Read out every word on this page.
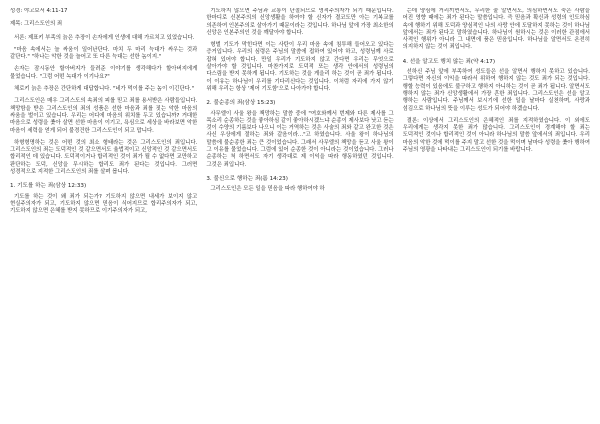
성경: 야고보서 4:11-17

제목: 그리스도인의 죄

서론: 제표키 부족의 늙은 추장이 손자에게 인생에 대해 가르치고 있었습니다.

"마음 속에서는 늘 싸움이 일어난단다. 마치 두 마리 늑대가 싸우는 것과 같단다." "하나는 악한 것을 늘어고 또 다른 늑대는 선한 놈이지."

손자는 잠시동안 할아버지가 들려준 이야기를 생각해다가 할아버지에게 물었습니다. "그럼 어떤 녹대가 이기나요?"

체로키 늙은 추장은 간단하게 대답합니다. "네가 먹이를 주는 놈이 이긴단다."

그리스도인은 매우 그리스도의 속죄의 피를 믿고 죄를 용서받은 사람들입니다. 책망함을 받은 그리스도인의 죄의 성품은 선한 마음과 죄를 짓는 악한 마음의 싸움을 벌이고 있습니다. 우리는 어디에 마음의 위치를 두고 있습니까? 거대한 마음으로 성령을 좇아 살면 선한 마음이 이기고, 욕심으로 세상을 바라보면 악한 마음이 세력을 얻게 되어 불경건한 그리스도인이 되고 맙니다.

하형형명하는 것은 어떤 것의 최소 형태라는 것은 그리스도인의 죄입니다. 그리스도인의 죄는 도덕적인 것 같으면서도 율법적이고 신앙적인 것 같으면서도 합리적인 데 있습니다. 도덕적이거나 합리적인 것이 죄가 될 수 없다면 교만하고 판단하는 도덕, 신앙을 무시하는 합리도 죄가 된다는 것입니다. 그러면 성경적으로 지적한 그리스도인의 죄를 살펴 봅니다.

1. 기도를 하는 죄(삼상 12:33)

기도를 하는 것이 왜 죄가 되는가? 기도하지 않으면 내세가 보이지 않고 현실주의자가 되고, 기도하지 않으면 믿음이 식어지므로 합리주의자가 되고, 기도하지 않으면 은혜를 받지 못하므로 이기주의자가 되고,

기도하지 않으면 주님과 교통이 단절되므로 영적주의자가 되기 때문입니다. 한마디로 신본주의의 신앙생활을 하여야 할 신자가 결코도만 아는 기복교를 의존하여 인본주의로 살아가기 때문이라는 것입니다. 하나님 앞에 가장 최소한의 신앙은 인본주의인 것을 깨달아야 합니다.

형벌 기도가 막힌다면 이는 사탄이 우리 마음 속에 침투해 들어오고 있다는 증거입니다. 우리의 심령은 주님의 말씀에 접하여 있어야 하고, 성령님께 사로 잡혀 있어야 합니다. 만일 우리가 기도하지 않고 간다면 우리는 무엇으로 살아가야 할 것입니다. 마찬가지로 도덕적 또는 생각 안에서의 성령님의 다스림을 받지 못하게 됩니다. 기도하는 것을 게을리 하는 것이 곧 죄가 됩니다. 이 이유는 하나님이 우리를 기다리신다는 것입니다. 이처럼 자리에 가지 않기 위해 우리는 항상 '제어 기도함'으로 나아가야 합니다.

2. 불순종의 죄(삼상 15:23)

사무엘이 사울 왕을 책망하는 말씀 중에 "여호와께서 번제와 다른 제사를 그 목소리 순종하는 것을 좋아하심 같이 좋아하시겠느냐 순종이 제사보다 낫고 듣는 것이 수양의 기름보다 나으니 이는 거역하는 것은 사술의 죄와 같고 완고한 것은 사신 우상에게 절하는 죄와 같음이라..."고 하였습니다. 사울 왕이 하나님의 말씀에 불순종한 죄는 큰 것이었습니다. 그래서 사무엘의 책망을 듣고 사울 왕이 그 이유를 물었습니다. 그럼에 있어 순종한 것이 아니라는 것이었습니다. 그러나 순종하는 척 하면서도 자기 생각대로 제 이익을 따라 행동하였던 것입니다. 그것은 죄입니다.

3. 불신으로 행하는 죄(롬 14:23)

그리스도인은 모든 일을 믿음을 따라 행하여야 하

는데 양심에 거리끼면서도, 무리한 줄 알면서도, 의심하면서도 죽은 사람을 어진 영향 때에는 죄가 된다는 말씀입니다. 즉 믿음과 확신과 성령의 인도하심 속에 행하기 위해 도덕과 양심적인 나의 사랑 안에 도달하지 못하는 것이 하나님 앞에서는 죄가 된다고 말하였습니다. 하나님이 원하시는 것은 이러한 관점에서 사적인 행위가 아니라 그 내면에 품은 믿음입니다. 하나님을 알면서도 온전히 의지하지 않는 것이 죄입니다.

4. 선을 알고도 행치 않는 죄(약 4:17)

선하신 주님 앞에 부족하여 성도들은 선을 알면서 행하지 못하고 있습니다. 그렇다면 자신의 이익을 따라서 위하여 행하지 않는 것도 죄가 되는 것입니다. 행할 능력이 있음에도 불구하고 행하지 아니하는 것이 곧 죄가 됩니다. 알면서도 행하지 않는 죄가 신앙생활에서 가장 흔한 죄입니다. 그리스도인은 선을 알고 행하는 사람입니다. 주님께서 보시기에 선한 일을 날마다 실천하며, 사랑과 섬김으로 하나님의 뜻을 이루는 성도가 되어야 하겠습니다.

결론: 이상에서 그리스도인의 은혜적인 죄를 지적하였습니다. 이 외에도 우리에게는 생각지 못한 죄가 많습니다. 그리스도인이 경계해야 할 죄는 도덕적인 것이나 합리적인 것이 아니라 하나님의 말씀 앞에서의 죄입니다. 우리 마음의 악한 것에 먹이를 주지 말고 선한 것을 먹이며 날마다 성령을 좇아 행하여 주님의 영광을 나타내는 그리스도인이 되기를 바랍니다.
